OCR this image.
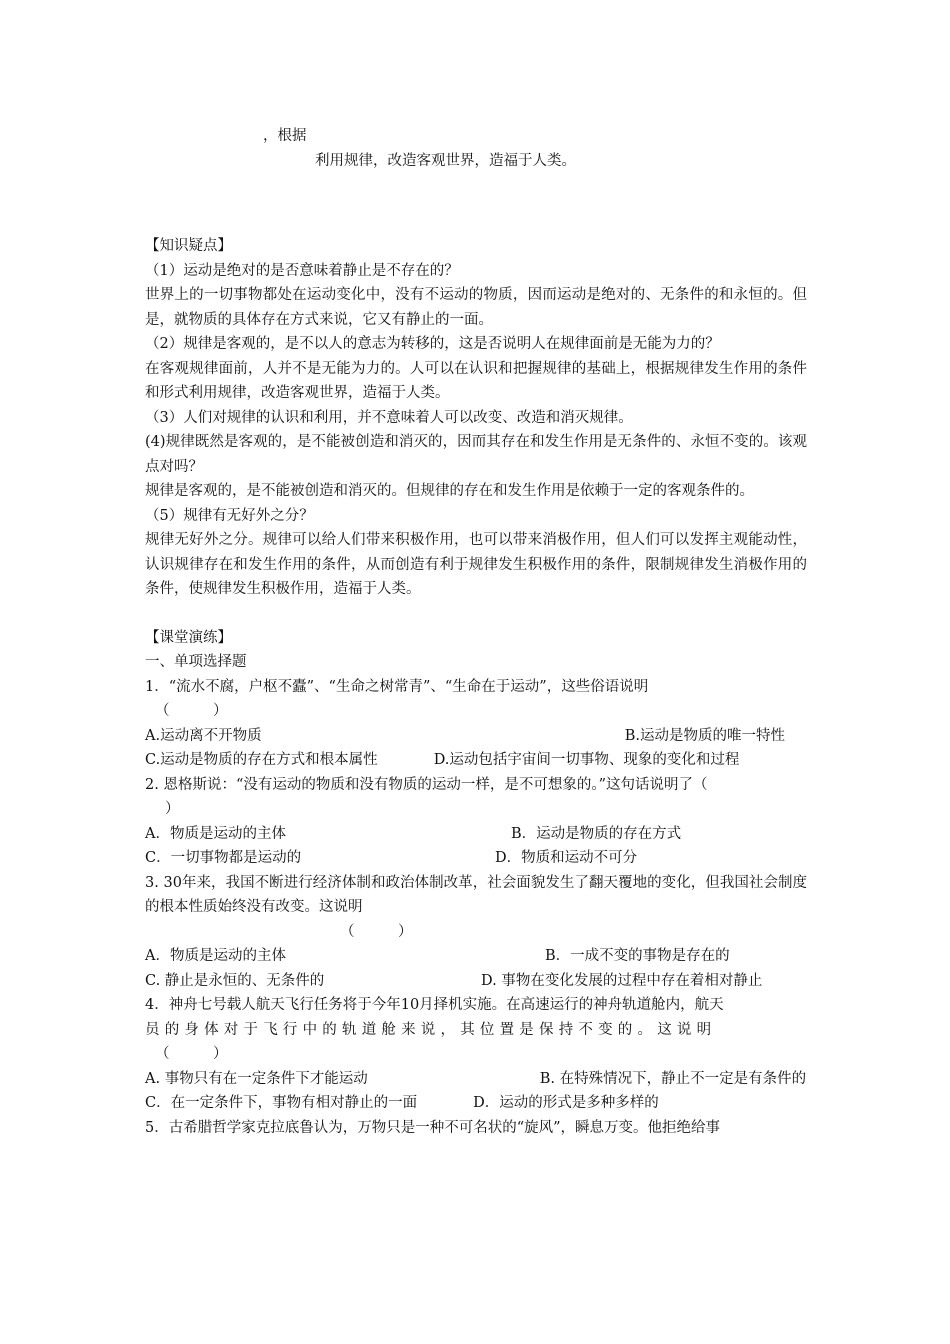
，根据

利用规律，改造客观世界，造福于人类。

【知识疑点】

（1）运动是绝对的是否意味着静止是不存在的？

世界上的一切事物都处在运动变化中，没有不运动的物质，因而运动是绝对的、无条件的和永恒的。但是，就物质的具体存在方式来说，它又有静止的一面。

（2）规律是客观的，是不以人的意志为转移的，这是否说明人在规律面前是无能为力的？

在客观规律面前，人并不是无能为力的。人可以在认识和把握规律的基础上，根据规律发生作用的条件和形式利用规律，改造客观世界，造福于人类。

（3）人们对规律的认识和利用，并不意味着人可以改变、改造和消灭规律。

(4)规律既然是客观的，是不能被创造和消灭的，因而其存在和发生作用是无条件的、永恒不变的。该观点对吗？

规律是客观的，是不能被创造和消灭的。但规律的存在和发生作用是依赖于一定的客观条件的。

（5）规律有无好外之分？

规律无好外之分。规律可以给人们带来积极作用，也可以带来消极作用，但人们可以发挥主观能动性，认识规律存在和发生作用的条件，从而创造有利于规律发生积极作用的条件，限制规律发生消极作用的条件，使规律发生积极作用，造福于人类。

【课堂演练】

一、单项选择题

1．“流水不腐，户枢不蠹”、“生命之树常青”、“生命在于运动”，这些俗语说明

（　　　）

A.运动离不开物质	B.运动是物质的唯一特性

C.运动是物质的存在方式和根本属性	D.运动包括宇宙间一切事物、现象的变化和过程

2. 恩格斯说：“没有运动的物质和没有物质的运动一样，是不可想象的。”这句话说明了（

）

A．物质是运动的主体	B．运动是物质的存在方式
C．一切事物都是运动的	D．物质和运动不可分

3. 30年来，我国不断进行经济体制和政治体制改革，社会面貌发生了翻天覆地的变化，但我国社会制度的根本性质始终没有改变。这说明

（　　　）

A．物质是运动的主体	B．一成不变的事物是存在的
C. 静止是永恒的、无条件的	D. 事物在变化发展的过程中存在着相对静止

4．神舟七号载人航天飞行任务将于今年10月择机实施。在高速运行的神舟轨道舱内，航天

员的身体对于飞行中的轨道舱来说，其位置是保持不变的。这说明

（　　　）

A. 事物只有在一定条件下才能运动	B. 在特殊情况下，静止不一定是有条件的

C．在一定条件下，事物有相对静止的一面	D．运动的形式是多种多样的

5．古希腊哲学家克拉底鲁认为，万物只是一种不可名状的“旋风”，瞬息万变。他拒绝给事
